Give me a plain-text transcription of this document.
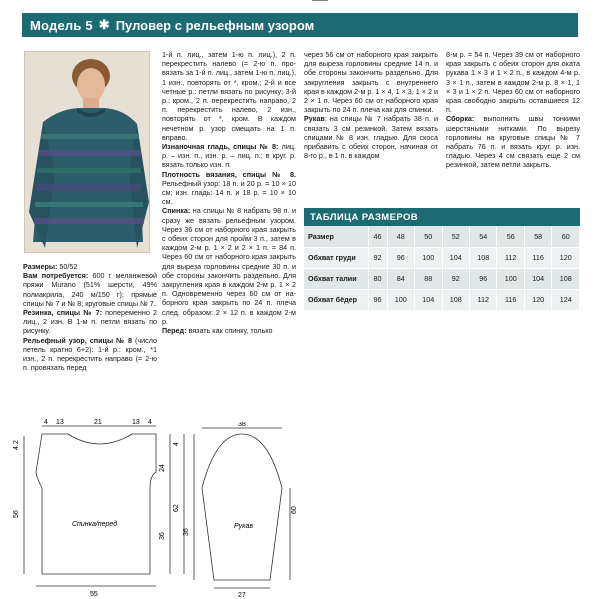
Модель 5 ✱ Пуловер с рельефным узором

Размеры: 50/52

Вам потребуется: 600 г меланжевой пряжи Murano (51% шерсти, 49% полиакрила, 240 м/150 г); прямые спицы № 7 и № 8; круговые спицы № 7.

Резинка, спицы № 7: попеременно 2 лиц., 2 изн. В 1-м п. петли вязать по рисунку.

Рельефный узор, спицы № 8 (число петель кратно 6+2): 1-й р.: кром., *1 изн., 2 п. перекрестить направо (= 2-ю п. провязать перед

1-й п. лиц., затем 1-ю п. лиц.), 2 п. перекрестить налево (= 2-ю п. провязать за 1-й п. лиц., затем 1-ю п. лиц.), 1 изн., повторять от *, кром.; 2-й и все четные р.: петли вязать по рисунку; 3-й р.: кром., 2 п. перекрестить направо, 2 п. перекрестить налево, 2 изн., повторять от *, кром. В каждом нечетном р. узор смещать на 1 п. вправо.

Изнаночная гладь, спицы № 8: лиц. р. – изн. п., изн. р. – лиц. п.; в круг. р. вязать только изн. п.

Плотность вязания, спицы № 8. Рельефный узор: 18 п. и 20 р. = 10 × 10 см; изн. гладь: 14 п. и 18 р. = 10 × 10 см.

Спинка: на спицы № 8 набрать 98 п. и сразу же вязать рельефным узором. Через 36 см от наборного края закрыть с обеих сторон для пройм 3 п., затем в каждом 2-м р. 1 × 2 и 2 × 1 п. = 84 п. Через 60 см от наборного края закрыть для выреза горловины средние 30 п. и обе стороны закончить раздельно. Для закругления края в каждом 2-м р. 1 × 2 п. Одновременно через 60 см от наборного края закрыть по 24 п. плеча след. образом: 2 × 12 п. в каждом 2-м р.

Перед: вязать как спинку, только

через 56 см от наборного края закрыть для выреза горловины средние 14 п. и обе стороны закончить раздельно. Для закругления закрыть с внутреннего края в каждом 2-м р. 1 × 4, 1 × 3, 1 × 2 и 2 × 1 п. Через 60 см от наборного края закрыть по 24 п. плеча как для спинки.

Рукав: на спицы № 7 набрать 38 п. и связать 3 см резинкой. Затем вязать спицами № 8 изн. гладью. Для скоса прибавить с обеих сторон, начиная от 8-го р., в 1 п. в каждом

8-м р. = 54 п. Через 39 см от наборного края закрыть с обеих сторон для оката рукава 1 × 3 и 1 × 2 п., в каждом 4-м р. 3 × 1 п., затем в каждом 2-м р. 8 × 1, 1 × 3 и 1 × 2 п. Через 60 см от наборного края свободно закрыть оставшиеся 12 п.

Сборка: выполнить швы тонкими шерстяными нитками. По вырезу горловины на круговые спицы № 7 набрать 76 п. и вязать круг. р. изн. гладью. Через 4 см связать еще 2 см резинкой, затем петли закрыть.

ТАБЛИЦА РАЗМЕРОВ
Размер	46	48	50	52	54	56	58	60
Обхват груди	92	96	100	104	108	112	116	120
Обхват талии	80	84	88	92	96	100	104	108
Обхват бёдер	96	100	104	108	112	116	120	124
4 13	21	13 4
4.2
56
24
36
4
62
55
Спинка/перед
38
60
36
27
Рукав
